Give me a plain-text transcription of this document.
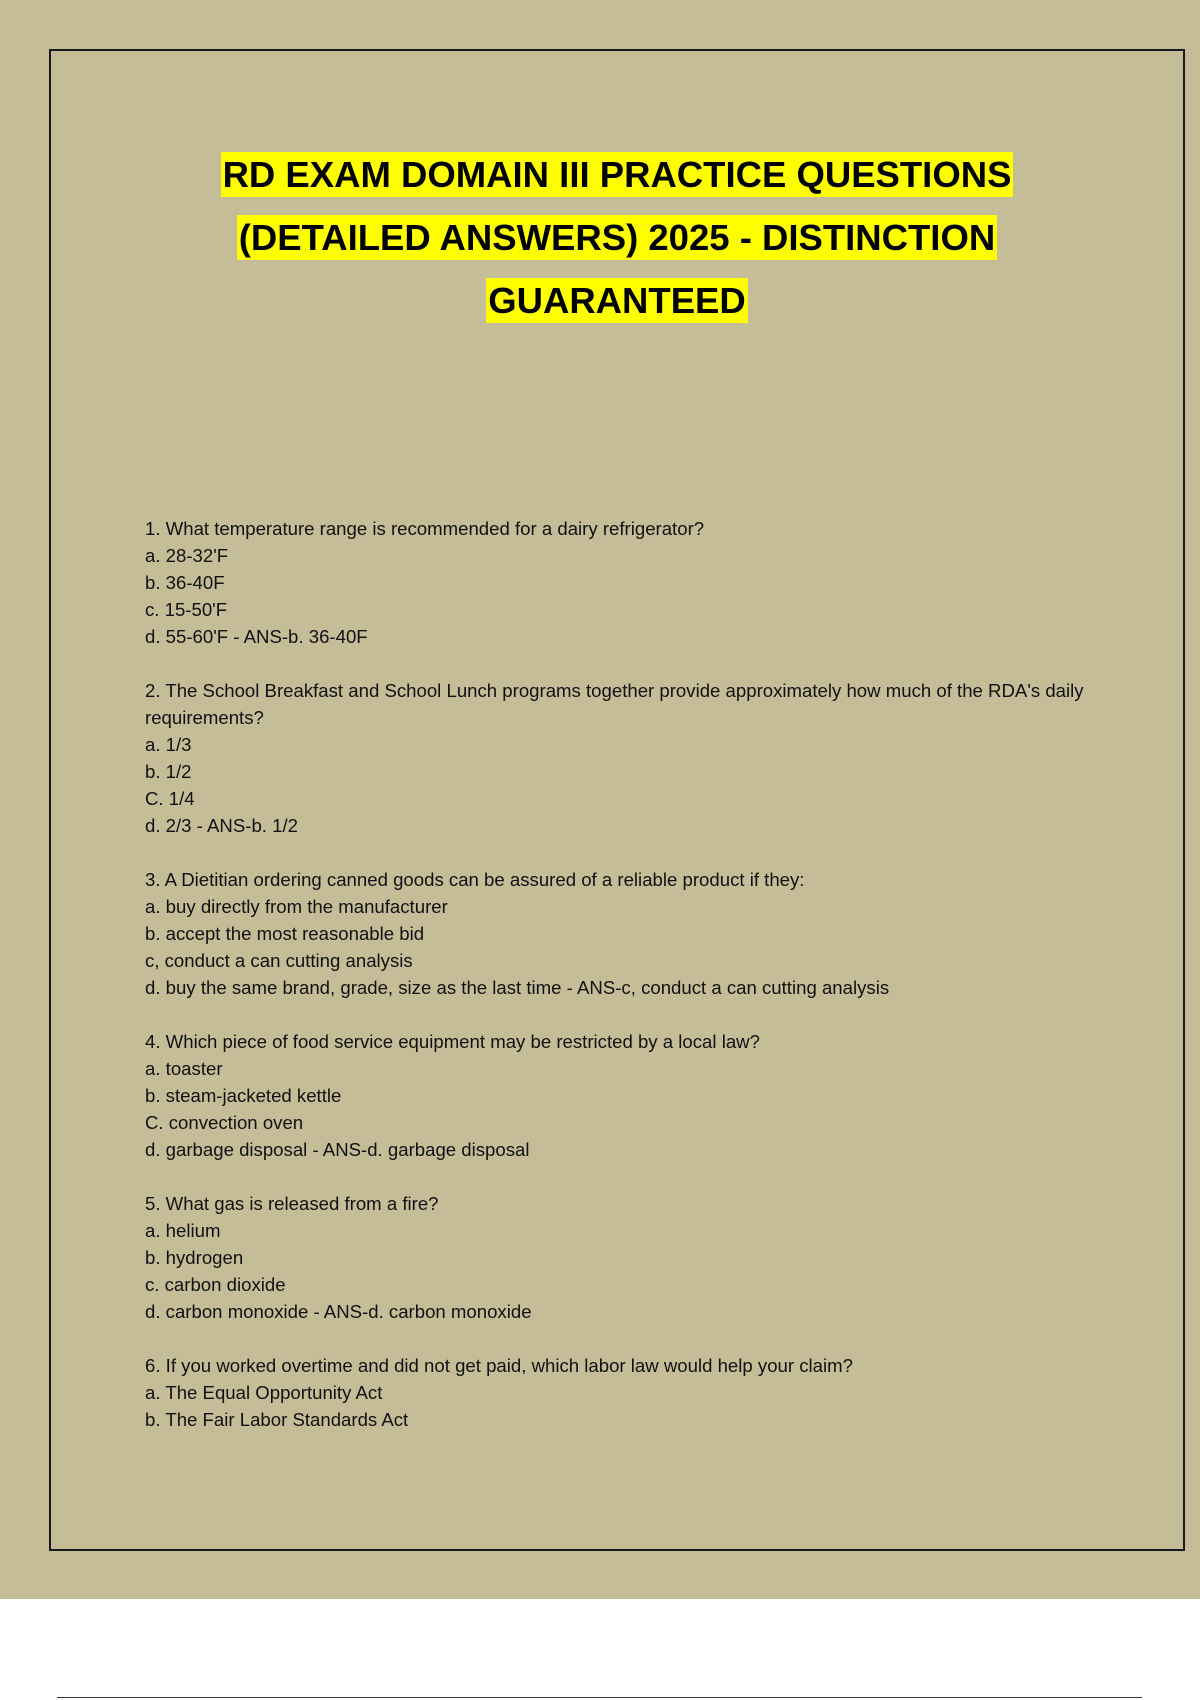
RD EXAM DOMAIN III PRACTICE QUESTIONS
(DETAILED ANSWERS) 2025 - DISTINCTION
GUARANTEED
1. What temperature range is recommended for a dairy refrigerator?
a. 28-32'F
b. 36-40F
c. 15-50'F
d. 55-60'F - ANS-b. 36-40F
2. The School Breakfast and School Lunch programs together provide approximately how much of the RDA's daily requirements?
a. 1/3
b. 1/2
C. 1/4
d. 2/3 - ANS-b. 1/2
3. A Dietitian ordering canned goods can be assured of a reliable product if they:
a. buy directly from the manufacturer
b. accept the most reasonable bid
c, conduct a can cutting analysis
d. buy the same brand, grade, size as the last time - ANS-c, conduct a can cutting analysis
4. Which piece of food service equipment may be restricted by a local law?
a. toaster
b. steam-jacketed kettle
C. convection oven
d. garbage disposal - ANS-d. garbage disposal
5. What gas is released from a fire?
a. helium
b. hydrogen
c. carbon dioxide
d. carbon monoxide - ANS-d. carbon monoxide
6. If you worked overtime and did not get paid, which labor law would help your claim?
a. The Equal Opportunity Act
b. The Fair Labor Standards Act
